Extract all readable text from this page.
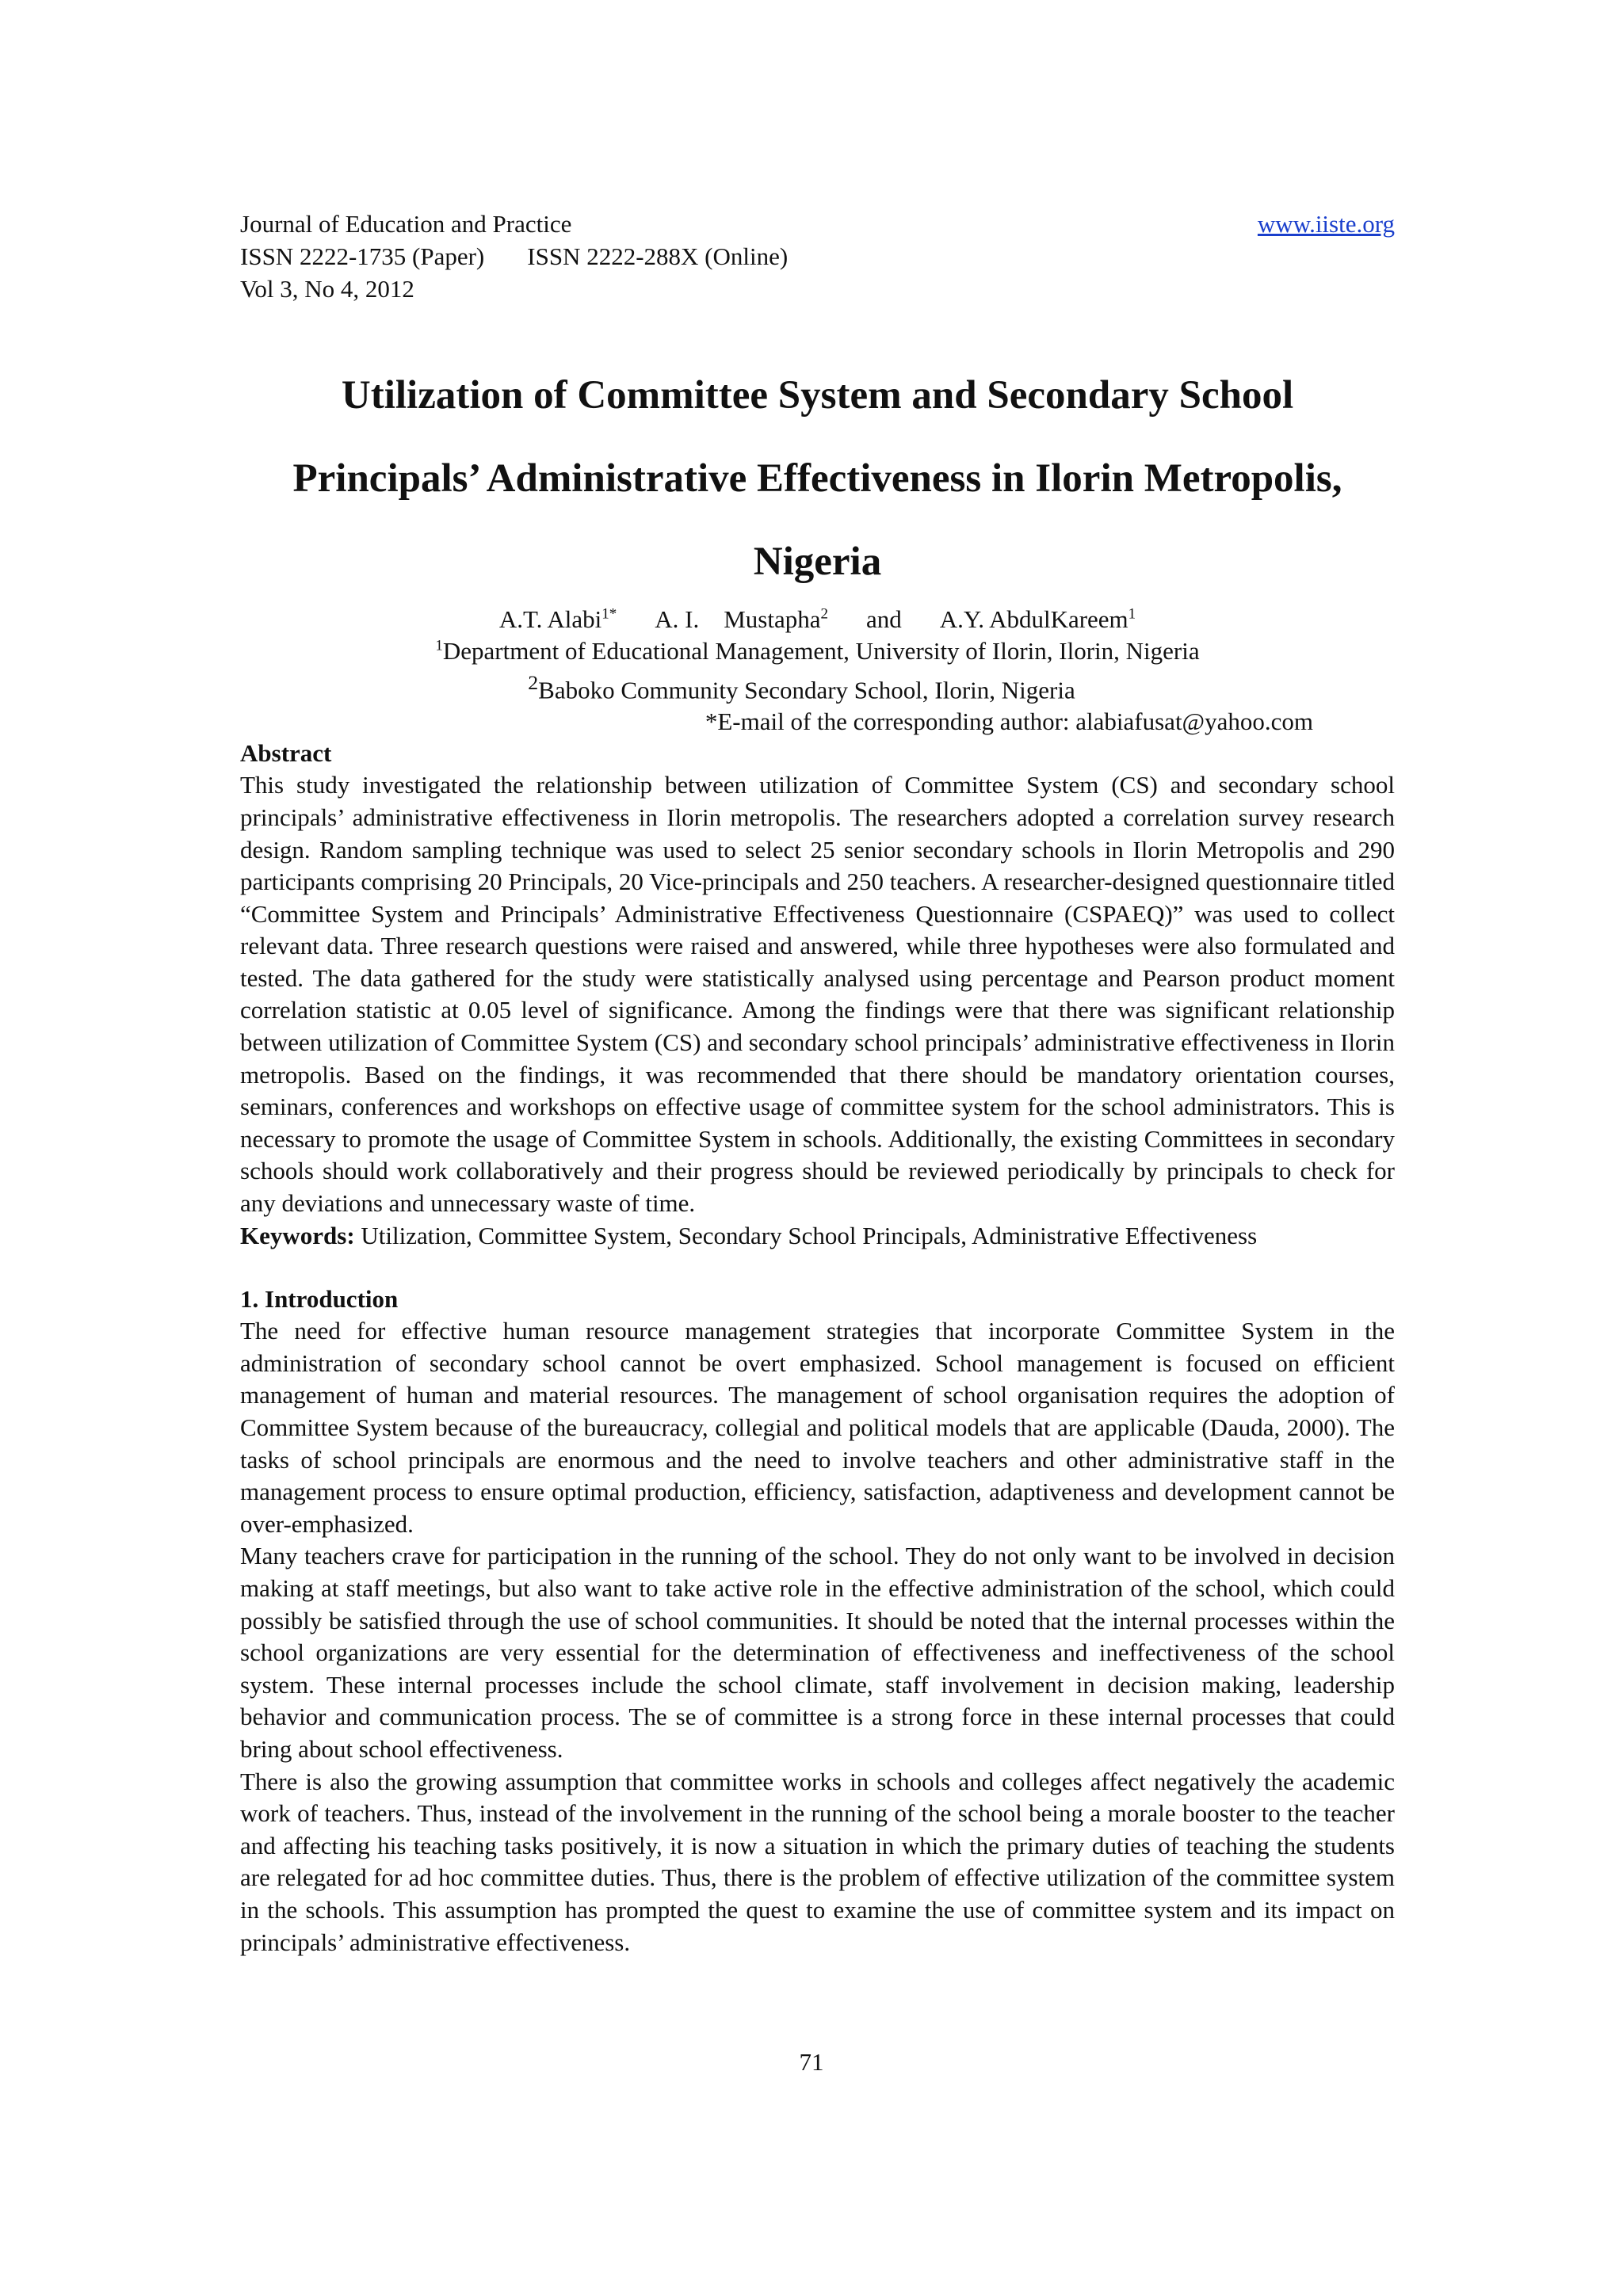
Journal of Education and Practice	www.iiste.org
ISSN 2222-1735 (Paper) ISSN 2222-288X (Online)
Vol 3, No 4, 2012
Utilization of Committee System and Secondary School
Principals’ Administrative Effectiveness in Ilorin Metropolis,
Nigeria
A.T. Alabi$^{1*}$ A. I.    Mustapha$^2$ and A.Y. AbdulKareem$^1$
$^1$Department of Educational Management, University of Ilorin, Ilorin, Nigeria
$^2$Baboko Community Secondary School, Ilorin, Nigeria
*E-mail of the corresponding author: alabiafusat@yahoo.com
Abstract

This study investigated the relationship between utilization of Committee System (CS) and secondary school principals’ administrative effectiveness in Ilorin metropolis. The researchers adopted a correlation survey research design. Random sampling technique was used to select 25 senior secondary schools in Ilorin Metropolis and 290 participants comprising 20 Principals, 20 Vice-principals and 250 teachers. A researcher-designed questionnaire titled “Committee System and Principals’ Administrative Effectiveness Questionnaire (CSPAEQ)” was used to collect relevant data. Three research questions were raised and answered, while three hypotheses were also formulated and tested. The data gathered for the study were statistically analysed using percentage and Pearson product moment correlation statistic at 0.05 level of significance. Among the findings were that there was significant relationship between utilization of Committee System (CS) and secondary school principals’ administrative effectiveness in Ilorin metropolis. Based on the findings, it was recommended that there should be mandatory orientation courses, seminars, conferences and workshops on effective usage of committee system for the school administrators. This is necessary to promote the usage of Committee System in schools. Additionally, the existing Committees in secondary schools should work collaboratively and their progress should be reviewed periodically by principals to check for any deviations and unnecessary waste of time.

Keywords: Utilization, Committee System, Secondary School Principals, Administrative Effectiveness

1. Introduction

The need for effective human resource management strategies that incorporate Committee System in the administration of secondary school cannot be overt emphasized. School management is focused on efficient management of human and material resources. The management of school organisation requires the adoption of Committee System because of the bureaucracy, collegial and political models that are applicable (Dauda, 2000). The tasks of school principals are enormous and the need to involve teachers and other administrative staff in the management process to ensure optimal production, efficiency, satisfaction, adaptiveness and development cannot be over-emphasized.

Many teachers crave for participation in the running of the school. They do not only want to be involved in decision making at staff meetings, but also want to take active role in the effective administration of the school, which could possibly be satisfied through the use of school communities. It should be noted that the internal processes within the school organizations are very essential for the determination of effectiveness and ineffectiveness of the school system. These internal processes include the school climate, staff involvement in decision making, leadership behavior and communication process. The se of committee is a strong force in these internal processes that could bring about school effectiveness.

There is also the growing assumption that committee works in schools and colleges affect negatively the academic work of teachers. Thus, instead of the involvement in the running of the school being a morale booster to the teacher and affecting his teaching tasks positively, it is now a situation in which the primary duties of teaching the students are relegated for ad hoc committee duties. Thus, there is the problem of effective utilization of the committee system in the schools. This assumption has prompted the quest to examine the use of committee system and its impact on principals’ administrative effectiveness.

71
